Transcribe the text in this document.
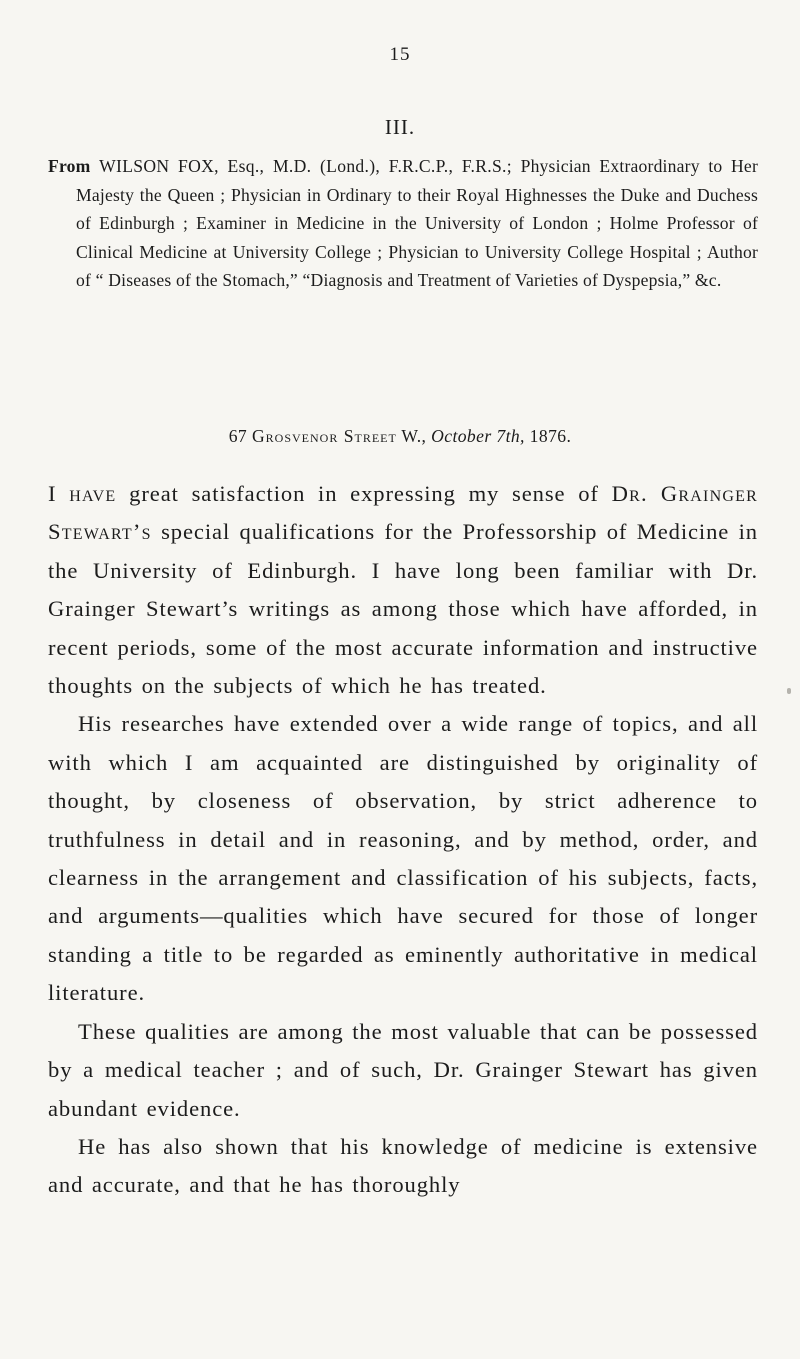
15
III.

From WILSON FOX, Esq., M.D. (Lond.), F.R.C.P., F.R.S.; Physician Extraordinary to Her Majesty the Queen ; Physician in Ordinary to their Royal Highnesses the Duke and Duchess of Edinburgh ; Examiner in Medicine in the University of London ; Holme Professor of Clinical Medicine at University College ; Physician to University College Hospital ; Author of “ Diseases of the Stomach,” “Diagnosis and Treatment of Varieties of Dyspepsia,” &c.

67 Grosvenor Street W., October 7th, 1876.

I have great satisfaction in expressing my sense of Dr. Grainger Stewart’s special qualifications for the Professorship of Medicine in the University of Edinburgh. I have long been familiar with Dr. Grainger Stewart’s writings as among those which have afforded, in recent periods, some of the most accurate information and instructive thoughts on the subjects of which he has treated.

His researches have extended over a wide range of topics, and all with which I am acquainted are distinguished by originality of thought, by closeness of observation, by strict adherence to truthfulness in detail and in reasoning, and by method, order, and clearness in the arrangement and classification of his subjects, facts, and arguments—qualities which have secured for those of longer standing a title to be regarded as eminently authoritative in medical literature.

These qualities are among the most valuable that can be possessed by a medical teacher ; and of such, Dr. Grainger Stewart has given abundant evidence.

He has also shown that his knowledge of medicine is extensive and accurate, and that he has thoroughly
